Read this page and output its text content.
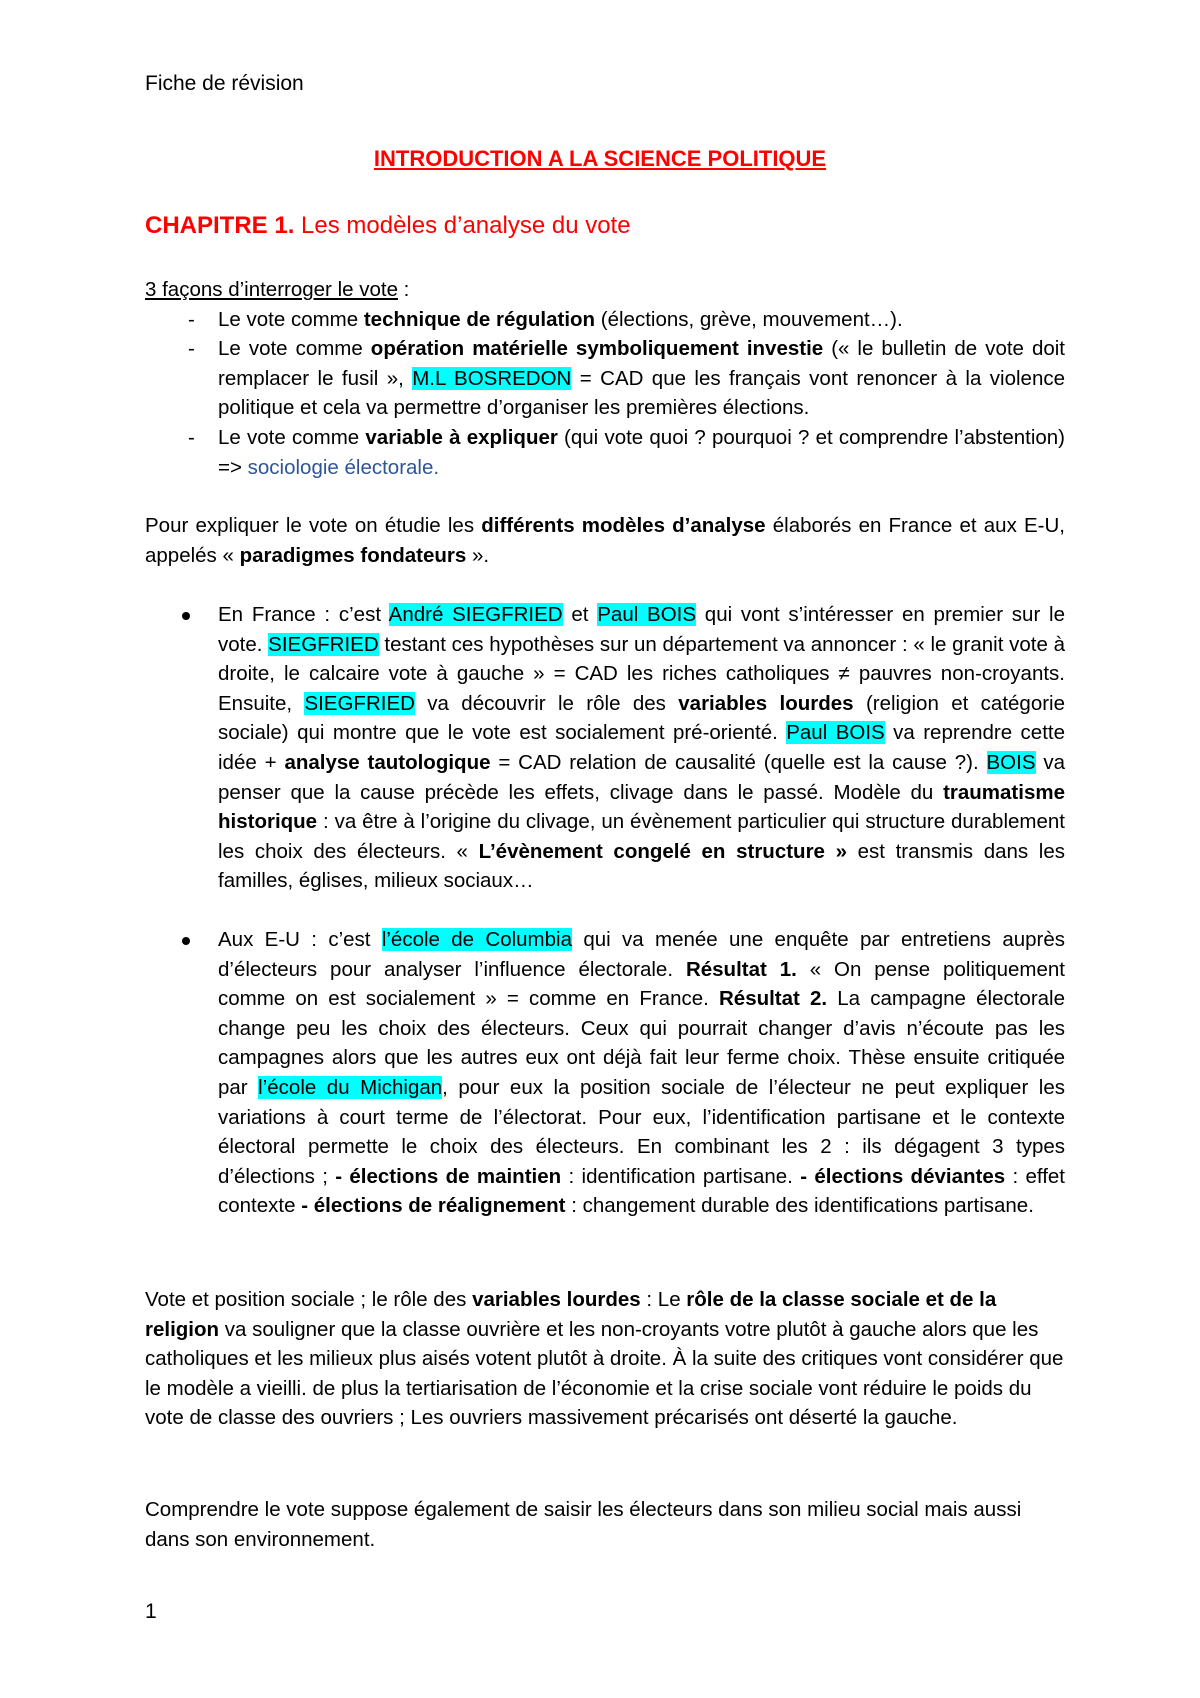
Fiche de révision
INTRODUCTION A LA SCIENCE POLITIQUE
CHAPITRE 1. Les modèles d’analyse du vote
3 façons d’interroger le vote :
- Le vote comme technique de régulation (élections, grève, mouvement…).
- Le vote comme opération matérielle symboliquement investie (« le bulletin de vote doit remplacer le fusil », M.L BOSREDON = CAD que les français vont renoncer à la violence politique et cela va permettre d’organiser les premières élections.
- Le vote comme variable à expliquer (qui vote quoi ? pourquoi ? et comprendre l’abstention) => sociologie électorale.
Pour expliquer le vote on étudie les différents modèles d’analyse élaborés en France et aux E-U, appelés « paradigmes fondateurs ».
En France : c’est André SIEGFRIED et Paul BOIS qui vont s’intéresser en premier sur le vote. SIEGFRIED testant ces hypothèses sur un département va annoncer : « le granit vote à droite, le calcaire vote à gauche » = CAD les riches catholiques ≠ pauvres non-croyants. Ensuite, SIEGFRIED va découvrir le rôle des variables lourdes (religion et catégorie sociale) qui montre que le vote est socialement pré-orienté. Paul BOIS va reprendre cette idée + analyse tautologique = CAD relation de causalité (quelle est la cause ?). BOIS va penser que la cause précède les effets, clivage dans le passé. Modèle du traumatisme historique : va être à l’origine du clivage, un évènement particulier qui structure durablement les choix des électeurs. « L’évènement congelé en structure » est transmis dans les familles, églises, milieux sociaux…
Aux E-U : c’est l’école de Columbia qui va menée une enquête par entretiens auprès d’électeurs pour analyser l’influence électorale. Résultat 1. « On pense politiquement comme on est socialement » = comme en France. Résultat 2. La campagne électorale change peu les choix des électeurs. Ceux qui pourrait changer d’avis n’écoute pas les campagnes alors que les autres eux ont déjà fait leur ferme choix. Thèse ensuite critiquée par l’école du Michigan, pour eux la position sociale de l’électeur ne peut expliquer les variations à court terme de l’électorat. Pour eux, l’identification partisane et le contexte électoral permette le choix des électeurs. En combinant les 2 : ils dégagent 3 types d’élections ; - élections de maintien : identification partisane. - élections déviantes : effet contexte - élections de réalignement : changement durable des identifications partisane.
Vote et position sociale ; le rôle des variables lourdes : Le rôle de la classe sociale et de la religion va souligner que la classe ouvrière et les non-croyants votre plutôt à gauche alors que les catholiques et les milieux plus aisés votent plutôt à droite. À la suite des critiques vont considérer que le modèle a vieilli. de plus la tertiarisation de l’économie et la crise sociale vont réduire le poids du vote de classe des ouvriers ; Les ouvriers massivement précarisés ont déserté la gauche.
Comprendre le vote suppose également de saisir les électeurs dans son milieu social mais aussi dans son environnement.
1
